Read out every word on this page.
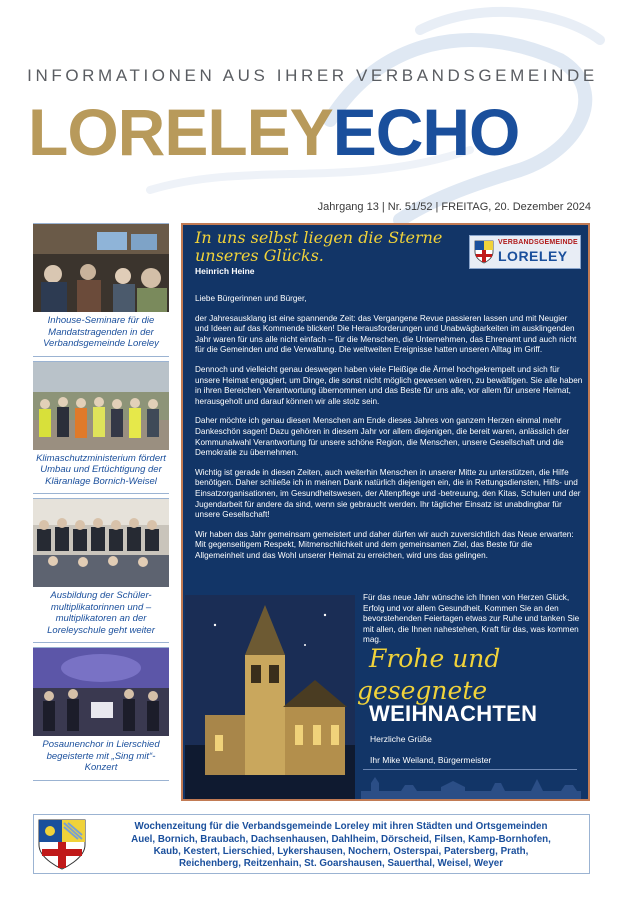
INFORMATIONEN AUS IHRER VERBANDSGEMEINDE
LORELEYECHO
Jahrgang 13 | Nr. 51/52 | FREITAG, 20. Dezember 2024
Inhouse-Seminare für die Mandatstragenden in der Verbandsgemeinde Loreley
Klimaschutzministerium fördert Umbau und Ertüchtigung der Kläranlage Bornich-Weisel
Ausbildung der Schüler-multiplikatorinnen und –multiplikatoren an der Loreleyschule geht weiter
Posaunenchor in Lierschied begeisterte mit „Sing mit“-Konzert
In uns selbst liegen die Sterne
unseres Glücks.
Heinrich Heine
VERBANDSGEMEINDE
LORELEY

Liebe Bürgerinnen und Bürger,

der Jahresausklang ist eine spannende Zeit: das Vergangene Revue passieren lassen und mit Neugier und Ideen auf das Kommende blicken! Die Herausforderungen und Unabwägbarkeiten im ausklingenden Jahr waren für uns alle nicht einfach – für die Menschen, die Unternehmen, das Ehrenamt und auch nicht für die Gemeinden und die Verwaltung. Die weltweiten Ereignisse hatten unseren Alltag im Griff.

Dennoch und vielleicht genau deswegen haben viele Fleißige die Ärmel hochgekrempelt und sich für unsere Heimat engagiert, um Dinge, die sonst nicht möglich gewesen wären, zu bewältigen. Sie alle haben in ihren Bereichen Verantwortung übernommen und das Beste für uns alle, vor allem für unsere Heimat, herausgeholt und darauf können wir alle stolz sein.

Daher möchte ich genau diesen Menschen am Ende dieses Jahres von ganzem Herzen einmal mehr Dankeschön sagen! Dazu gehören in diesem Jahr vor allem diejenigen, die bereit waren, anlässlich der Kommunalwahl Verantwortung für unsere schöne Region, die Menschen, unsere Gesellschaft und die Demokratie zu übernehmen.

Wichtig ist gerade in diesen Zeiten, auch weiterhin Menschen in unserer Mitte zu unterstützen, die Hilfe benötigen. Daher schließe ich in meinen Dank natürlich diejenigen ein, die in Rettungsdiensten, Hilfs- und Einsatzorganisationen, im Gesundheitswesen, der Altenpflege und -betreuung, den Kitas, Schulen und der Jugendarbeit für andere da sind, wenn sie gebraucht werden. Ihr täglicher Einsatz ist unabdingbar für unsere Gesellschaft!

Wir haben das Jahr gemeinsam gemeistert und daher dürfen wir auch zuversichtlich das Neue erwarten: Mit gegenseitigem Respekt, Mitmenschlichkeit und dem gemeinsamen Ziel, das Beste für die Allgemeinheit und das Wohl unserer Heimat zu erreichen, wird uns das gelingen.

Für das neue Jahr wünsche ich Ihnen von Herzen Glück, Erfolg und vor allem Gesundheit. Kommen Sie an den bevorstehenden Feiertagen etwas zur Ruhe und tanken Sie mit allen, die Ihnen nahestehen, Kraft für das, was kommen mag.
Frohe und
gesegnete
WEIHNACHTEN
Herzliche Grüße
Ihr Mike Weiland, Bürgermeister
Wochenzeitung für die Verbandsgemeinde Loreley mit ihren Städten und Ortsgemeinden
Auel, Bornich, Braubach, Dachsenhausen, Dahlheim, Dörscheid, Filsen, Kamp-Bornhofen,
Kaub, Kestert, Lierschied, Lykershausen, Nochern, Osterspai, Patersberg, Prath,
Reichenberg, Reitzenhain, St. Goarshausen, Sauerthal, Weisel, Weyer
